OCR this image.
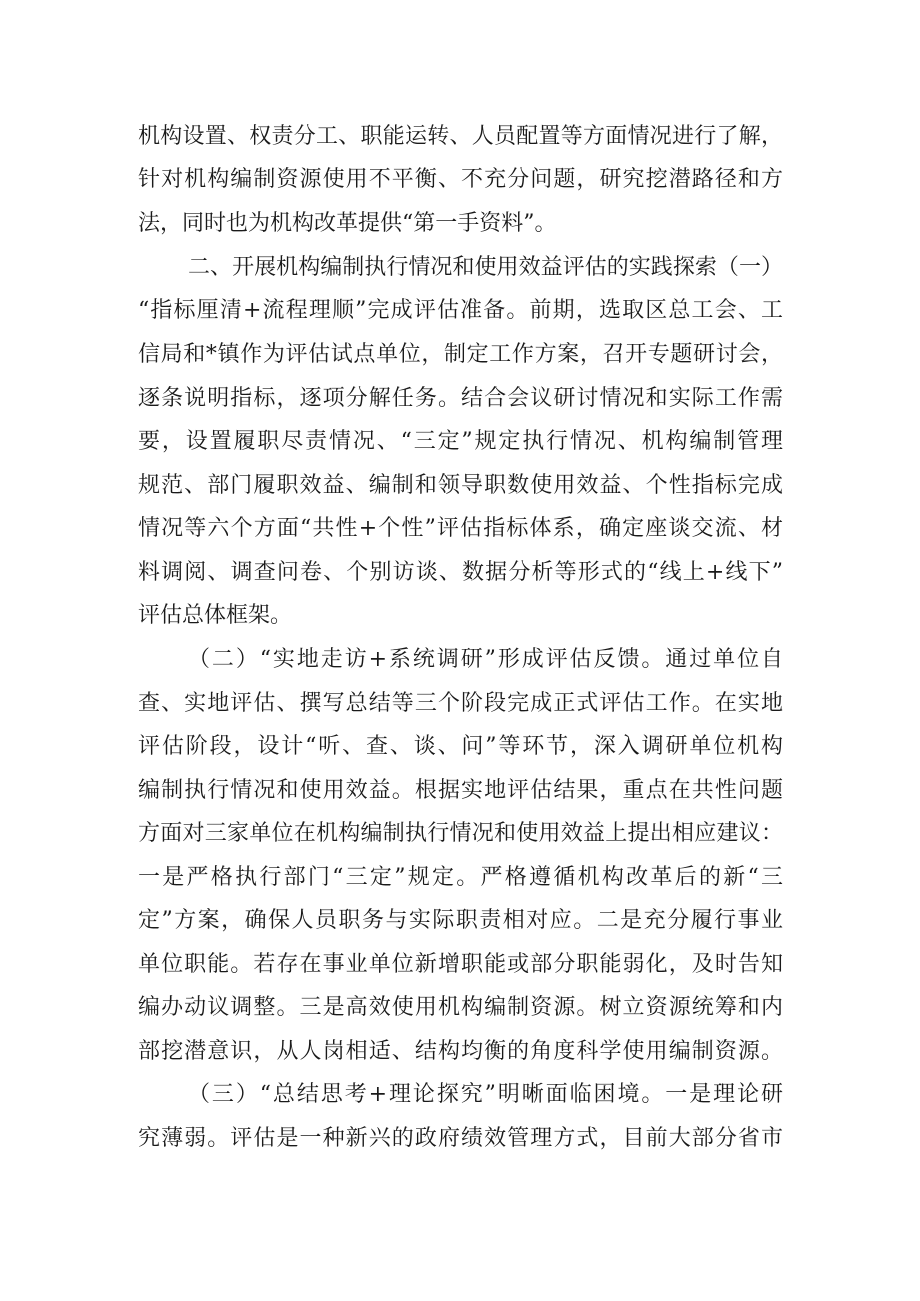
机构设置、权责分工、职能运转、人员配置等方面情况进行了解，
针对机构编制资源使用不平衡、不充分问题，研究挖潜路径和方
法，同时也为机构改革提供“第一手资料”。
二、开展机构编制执行情况和使用效益评估的实践探索（一）
“指标厘清+流程理顺”完成评估准备。前期，选取区总工会、工
信局和*镇作为评估试点单位，制定工作方案，召开专题研讨会，
逐条说明指标，逐项分解任务。结合会议研讨情况和实际工作需
要，设置履职尽责情况、“三定”规定执行情况、机构编制管理
规范、部门履职效益、编制和领导职数使用效益、个性指标完成
情况等六个方面“共性+个性”评估指标体系，确定座谈交流、材
料调阅、调查问卷、个别访谈、数据分析等形式的“线上+线下”
评估总体框架。
（二）“实地走访+系统调研”形成评估反馈。通过单位自
查、实地评估、撰写总结等三个阶段完成正式评估工作。在实地
评估阶段，设计“听、查、谈、问”等环节，深入调研单位机构
编制执行情况和使用效益。根据实地评估结果，重点在共性问题
方面对三家单位在机构编制执行情况和使用效益上提出相应建议：
一是严格执行部门“三定”规定。严格遵循机构改革后的新“三
定”方案，确保人员职务与实际职责相对应。二是充分履行事业
单位职能。若存在事业单位新增职能或部分职能弱化，及时告知
编办动议调整。三是高效使用机构编制资源。树立资源统筹和内
部挖潜意识，从人岗相适、结构均衡的角度科学使用编制资源。
（三）“总结思考+理论探究”明晰面临困境。一是理论研
究薄弱。评估是一种新兴的政府绩效管理方式，目前大部分省市
